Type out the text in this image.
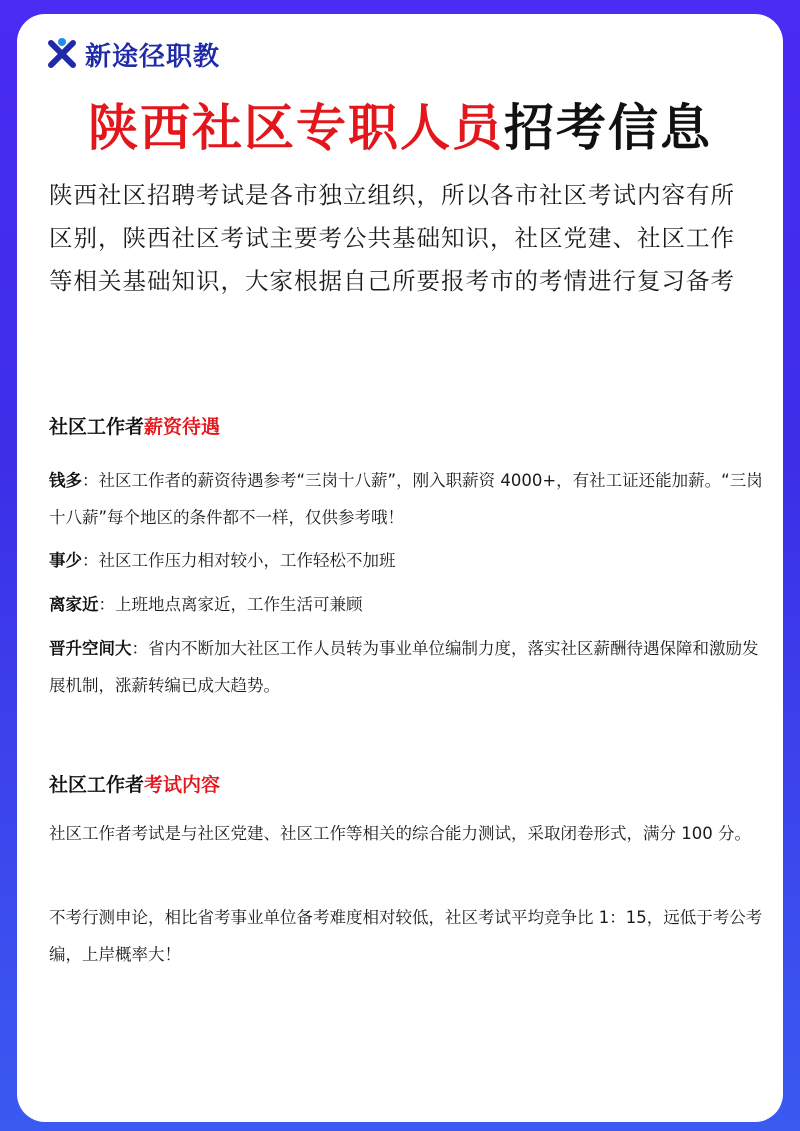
新途径职教
陕西社区专职人员招考信息
陕西社区招聘考试是各市独立组织，所以各市社区考试内容有所区别，陕西社区考试主要考公共基础知识，社区党建、社区工作等相关基础知识，大家根据自己所要报考市的考情进行复习备考
社区工作者薪资待遇
钱多：社区工作者的薪资待遇参考“三岗十八薪”，刚入职薪资 4000+，有社工证还能加薪。“三岗十八薪”每个地区的条件都不一样，仅供参考哦！
事少：社区工作压力相对较小，工作轻松不加班
离家近：上班地点离家近，工作生活可兼顾
晋升空间大：省内不断加大社区工作人员转为事业单位编制力度，落实社区薪酬待遇保障和激励发展机制，涨薪转编已成大趋势。
社区工作者考试内容
社区工作者考试是与社区党建、社区工作等相关的综合能力测试，采取闭卷形式，满分 100 分。
不考行测申论，相比省考事业单位备考难度相对较低，社区考试平均竞争比 1：15，远低于考公考编，上岸概率大！
